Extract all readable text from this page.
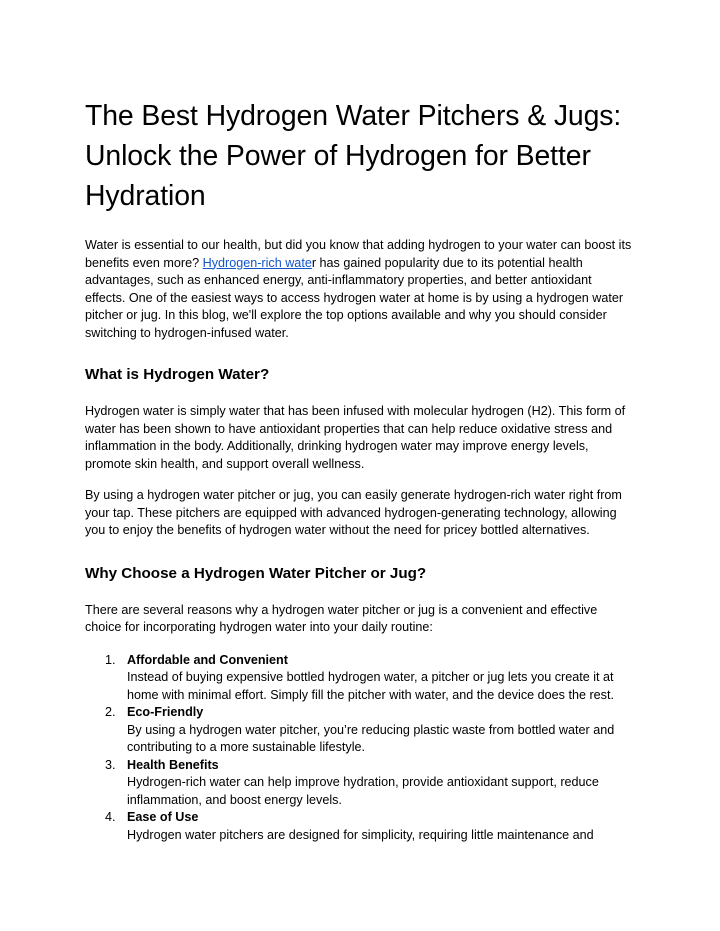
The Best Hydrogen Water Pitchers & Jugs: Unlock the Power of Hydrogen for Better Hydration

Water is essential to our health, but did you know that adding hydrogen to your water can boost its benefits even more? Hydrogen-rich water has gained popularity due to its potential health advantages, such as enhanced energy, anti-inflammatory properties, and better antioxidant effects. One of the easiest ways to access hydrogen water at home is by using a hydrogen water pitcher or jug. In this blog, we'll explore the top options available and why you should consider switching to hydrogen-infused water.

What is Hydrogen Water?

Hydrogen water is simply water that has been infused with molecular hydrogen (H2). This form of water has been shown to have antioxidant properties that can help reduce oxidative stress and inflammation in the body. Additionally, drinking hydrogen water may improve energy levels, promote skin health, and support overall wellness.

By using a hydrogen water pitcher or jug, you can easily generate hydrogen-rich water right from your tap. These pitchers are equipped with advanced hydrogen-generating technology, allowing you to enjoy the benefits of hydrogen water without the need for pricey bottled alternatives.

Why Choose a Hydrogen Water Pitcher or Jug?

There are several reasons why a hydrogen water pitcher or jug is a convenient and effective choice for incorporating hydrogen water into your daily routine:

1. Affordable and Convenient
Instead of buying expensive bottled hydrogen water, a pitcher or jug lets you create it at home with minimal effort. Simply fill the pitcher with water, and the device does the rest.
2. Eco-Friendly
By using a hydrogen water pitcher, you’re reducing plastic waste from bottled water and contributing to a more sustainable lifestyle.
3. Health Benefits
Hydrogen-rich water can help improve hydration, provide antioxidant support, reduce inflammation, and boost energy levels.
4. Ease of Use
Hydrogen water pitchers are designed for simplicity, requiring little maintenance and
